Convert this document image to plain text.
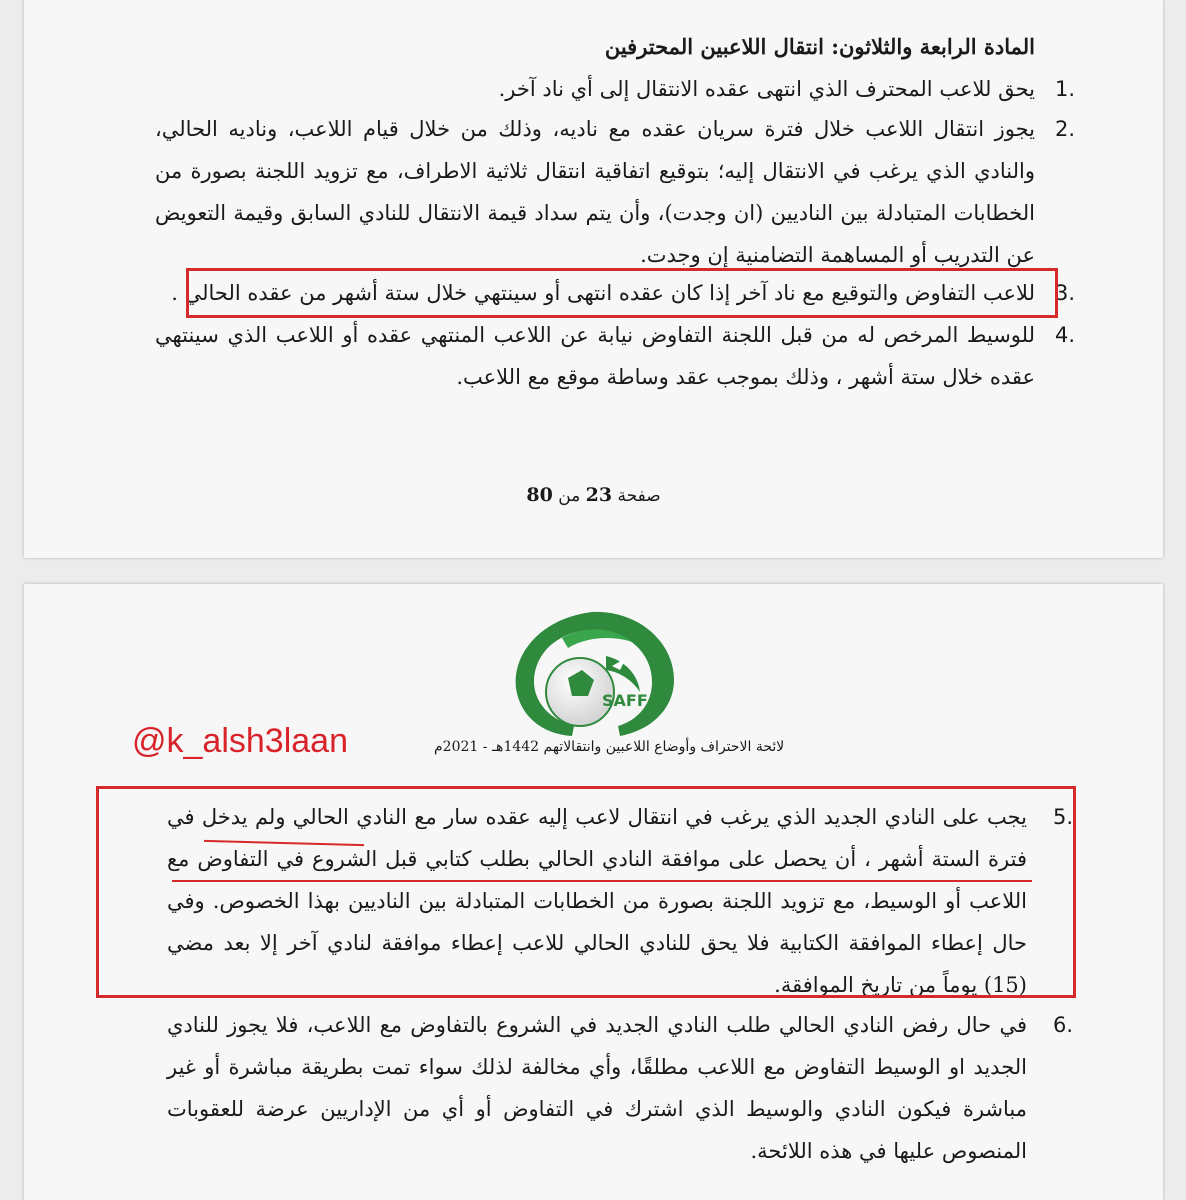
المادة الرابعة والثلاثون: انتقال اللاعبين المحترفين
1.
يحق للاعب المحترف الذي انتهى عقده الانتقال إلى أي ناد آخر.
2.
يجوز انتقال اللاعب خلال فترة سريان عقده مع ناديه، وذلك من خلال قيام اللاعب، وناديه الحالي، والنادي الذي يرغب في الانتقال إليه؛ بتوقيع اتفاقية انتقال ثلاثية الاطراف، مع تزويد اللجنة بصورة من الخطابات المتبادلة بين الناديين (ان وجدت)، وأن يتم سداد قيمة الانتقال للنادي السابق وقيمة التعويض عن التدريب أو المساهمة التضامنية إن وجدت.
3.
للاعب التفاوض والتوقيع مع ناد آخر إذا كان عقده انتهى أو سينتهي خلال ستة أشهر من عقده الحالي .
4.
للوسيط المرخص له من قبل اللجنة التفاوض نيابة عن اللاعب المنتهي عقده أو اللاعب الذي سينتهي عقده خلال ستة أشهر ، وذلك بموجب عقد وساطة موقع مع اللاعب.
صفحة 23 من 80
SAFF
لائحة الاحتراف وأوضاع اللاعبين وانتقالاتهم 1442هـ - 2021م
@k_alsh3laan
5.
يجب على النادي الجديد الذي يرغب في انتقال لاعب إليه عقده سار مع النادي الحالي ولم يدخل في فترة الستة أشهر ، أن يحصل على موافقة النادي الحالي بطلب كتابي قبل الشروع في التفاوض مع اللاعب أو الوسيط، مع تزويد اللجنة بصورة من الخطابات المتبادلة بين الناديين بهذا الخصوص. وفي حال إعطاء الموافقة الكتابية فلا يحق للنادي الحالي للاعب إعطاء موافقة لنادي آخر إلا بعد مضي (15) يوماً من تاريخ الموافقة.
6.
في حال رفض النادي الحالي طلب النادي الجديد في الشروع بالتفاوض مع اللاعب، فلا يجوز للنادي الجديد او الوسيط التفاوض مع اللاعب مطلقًا، وأي مخالفة لذلك سواء تمت بطريقة مباشرة أو غير مباشرة فيكون النادي والوسيط الذي اشترك في التفاوض أو أي من الإداريين عرضة للعقوبات المنصوص عليها في هذه اللائحة.
